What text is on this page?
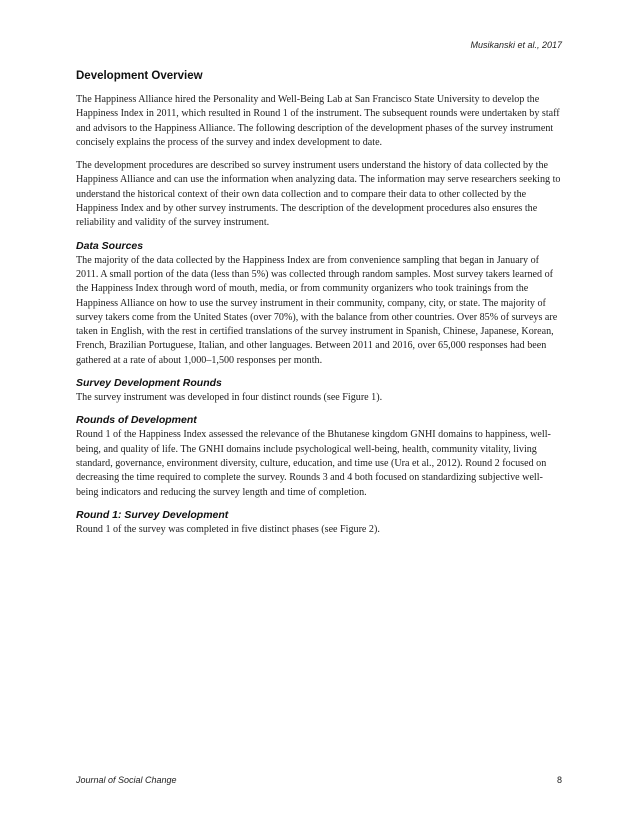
Musikanski et al., 2017
Development Overview

The Happiness Alliance hired the Personality and Well-Being Lab at San Francisco State University to develop the Happiness Index in 2011, which resulted in Round 1 of the instrument. The subsequent rounds were undertaken by staff and advisors to the Happiness Alliance. The following description of the development phases of the survey instrument concisely explains the process of the survey and index development to date.

The development procedures are described so survey instrument users understand the history of data collected by the Happiness Alliance and can use the information when analyzing data. The information may serve researchers seeking to understand the historical context of their own data collection and to compare their data to other collected by the Happiness Index and by other survey instruments. The description of the development procedures also ensures the reliability and validity of the survey instrument.

Data Sources

The majority of the data collected by the Happiness Index are from convenience sampling that began in January of 2011. A small portion of the data (less than 5%) was collected through random samples. Most survey takers learned of the Happiness Index through word of mouth, media, or from community organizers who took trainings from the Happiness Alliance on how to use the survey instrument in their community, company, city, or state. The majority of survey takers come from the United States (over 70%), with the balance from other countries. Over 85% of surveys are taken in English, with the rest in certified translations of the survey instrument in Spanish, Chinese, Japanese, Korean, French, Brazilian Portuguese, Italian, and other languages. Between 2011 and 2016, over 65,000 responses had been gathered at a rate of about 1,000–1,500 responses per month.

Survey Development Rounds

The survey instrument was developed in four distinct rounds (see Figure 1).

Rounds of Development

Round 1 of the Happiness Index assessed the relevance of the Bhutanese kingdom GNHI domains to happiness, well-being, and quality of life. The GNHI domains include psychological well-being, health, community vitality, living standard, governance, environment diversity, culture, education, and time use (Ura et al., 2012). Round 2 focused on decreasing the time required to complete the survey. Rounds 3 and 4 both focused on standardizing subjective well-being indicators and reducing the survey length and time of completion.

Round 1: Survey Development

Round 1 of the survey was completed in five distinct phases (see Figure 2).

Journal of Social Change	8
